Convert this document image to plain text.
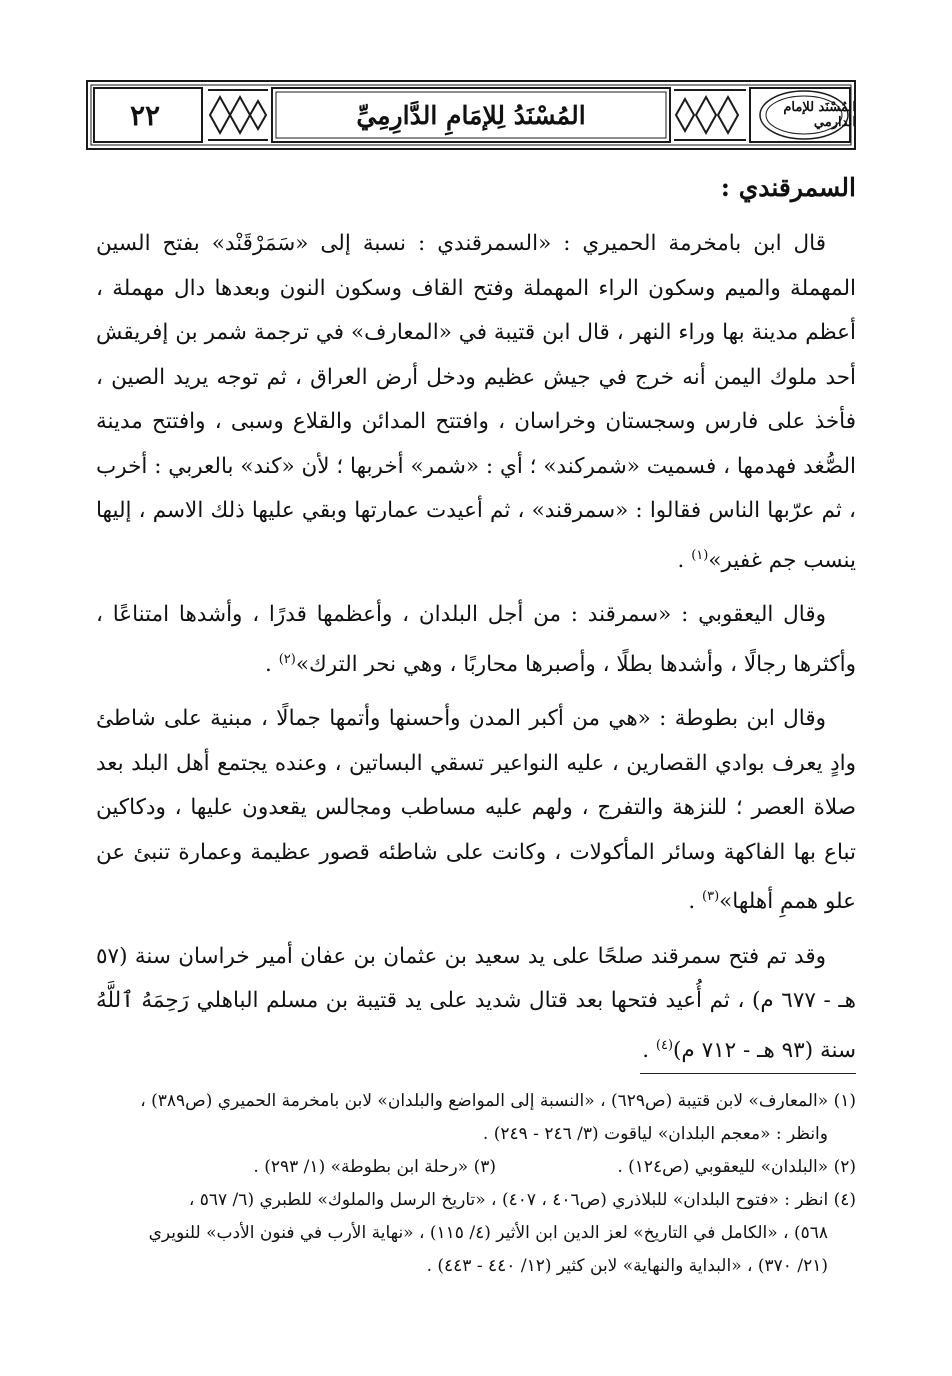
المُسْنَد للإمام الدارمي
٢٢	المُسْنَدُ لِلإمَامِ الدَّارِمِيِّ
السمرقندي :

قال ابن بامخرمة الحميري : «السمرقندي : نسبة إلى «سَمَرْقَنْد» بفتح السين المهملة والميم وسكون الراء المهملة وفتح القاف وسكون النون وبعدها دال مهملة ، أعظم مدينة بها وراء النهر ، قال ابن قتيبة في «المعارف» في ترجمة شمر بن إفريقش أحد ملوك اليمن أنه خرج في جيش عظيم ودخل أرض العراق ، ثم توجه يريد الصين ، فأخذ على فارس وسجستان وخراسان ، وافتتح المدائن والقلاع وسبى ، وافتتح مدينة الصُّغد فهدمها ، فسميت «شمركند» ؛ أي : «شمر» أخربها ؛ لأن «كند» بالعربي : أخرب ، ثم عرّبها الناس فقالوا : «سمرقند» ، ثم أعيدت عمارتها وبقي عليها ذلك الاسم ، إليها ينسب جم غفير»$^{(١)}$ .

وقال اليعقوبي : «سمرقند : من أجل البلدان ، وأعظمها قدرًا ، وأشدها امتناعًا ، وأكثرها رجالًا ، وأشدها بطلًا ، وأصبرها محاربًا ، وهي نحر الترك»$^{(٢)}$ .

وقال ابن بطوطة : «هي من أكبر المدن وأحسنها وأتمها جمالًا ، مبنية على شاطئ وادٍ يعرف بوادي القصارين ، عليه النواعير تسقي البساتين ، وعنده يجتمع أهل البلد بعد صلاة العصر ؛ للنزهة والتفرج ، ولهم عليه مساطب ومجالس يقعدون عليها ، ودكاكين تباع بها الفاكهة وسائر المأكولات ، وكانت على شاطئه قصور عظيمة وعمارة تنبئ عن علو هممِ أهلها»$^{(٣)}$ .

وقد تم فتح سمرقند صلحًا على يد سعيد بن عثمان بن عفان أمير خراسان سنة (٥٧ هـ - ٦٧٧ م) ، ثم أُعيد فتحها بعد قتال شديد على يد قتيبة بن مسلم الباهلي رَحِمَهُ ٱللَّهُ سنة (٩٣ هـ - ٧١٢ م)$^{(٤)}$ .

(١) «المعارف» لابن قتيبة (ص٦٢٩) ، «النسبة إلى المواضع والبلدان» لابن بامخرمة الحميري (ص٣٨٩) ،
وانظر : «معجم البلدان» لياقوت (٣/ ٢٤٦ - ٢٤٩) .
(٢) «البلدان» لليعقوبي (ص١٢٤) .
(٣) «رحلة ابن بطوطة» (١/ ٢٩٣) .
(٤) انظر : «فتوح البلدان» للبلاذري (ص٤٠٦ ، ٤٠٧) ، «تاريخ الرسل والملوك» للطبري (٦/ ٥٦٧ ،
٥٦٨) ، «الكامل في التاريخ» لعز الدين ابن الأثير (٤/ ١١٥) ، «نهاية الأرب في فنون الأدب» للنويري
(٢١/ ٣٧٠) ، «البداية والنهاية» لابن كثير (١٢/ ٤٤٠ - ٤٤٣) .
